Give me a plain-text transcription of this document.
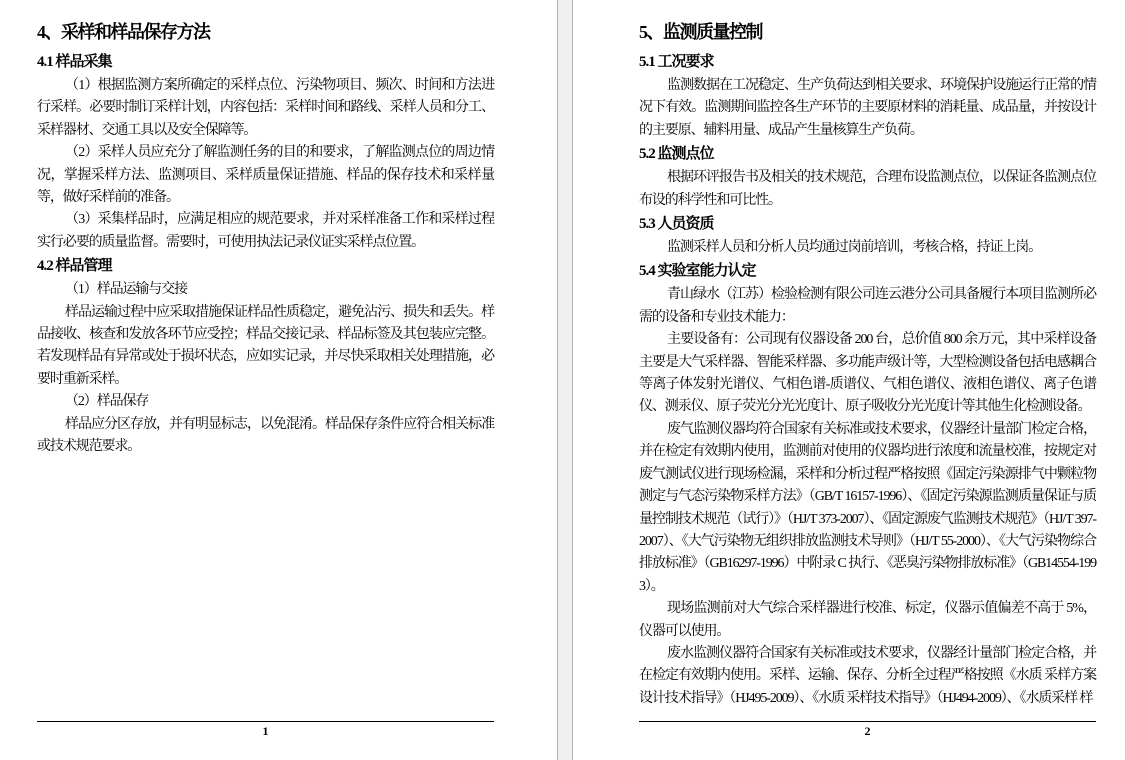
4、采样和样品保存方法
4.1 样品采集
（1）根据监测方案所确定的采样点位、污染物项目、频次、时间和方法进行采样。必要时制订采样计划，内容包括：采样时间和路线、采样人员和分工、采样器材、交通工具以及安全保障等。
（2）采样人员应充分了解监测任务的目的和要求，了解监测点位的周边情况，掌握采样方法、监测项目、采样质量保证措施、样品的保存技术和采样量等，做好采样前的准备。
（3）采集样品时，应满足相应的规范要求，并对采样准备工作和采样过程实行必要的质量监督。需要时，可使用执法记录仪证实采样点位置。
4.2 样品管理
（1）样品运输与交接
样品运输过程中应采取措施保证样品性质稳定，避免沾污、损失和丢失。样品接收、核查和发放各环节应受控；样品交接记录、样品标签及其包装应完整。若发现样品有异常或处于损坏状态，应如实记录，并尽快采取相关处理措施，必要时重新采样。
（2）样品保存
样品应分区存放，并有明显标志，以免混淆。样品保存条件应符合相关标准或技术规范要求。
1
5、监测质量控制
5.1 工况要求
监测数据在工况稳定、生产负荷达到相关要求、环境保护设施运行正常的情况下有效。监测期间监控各生产环节的主要原材料的消耗量、成品量，并按设计的主要原、辅料用量、成品产生量核算生产负荷。
5.2 监测点位
根据环评报告书及相关的技术规范，合理布设监测点位，以保证各监测点位布设的科学性和可比性。
5.3 人员资质
监测采样人员和分析人员均通过岗前培训，考核合格，持证上岗。
5.4 实验室能力认定
青山绿水（江苏）检验检测有限公司连云港分公司具备履行本项目监测所必需的设备和专业技术能力：
主要设备有：公司现有仪器设备 200 台，总价值 800 余万元，其中采样设备主要是大气采样器、智能采样器、多功能声级计等，大型检测设备包括电感耦合等离子体发射光谱仪、气相色谱-质谱仪、气相色谱仪、液相色谱仪、离子色谱仪、测汞仪、原子荧光分光光度计、原子吸收分光光度计等其他生化检测设备。
废气监测仪器均符合国家有关标准或技术要求，仪器经计量部门检定合格，并在检定有效期内使用，监测前对使用的仪器均进行浓度和流量校准，按规定对废气测试仪进行现场检漏，采样和分析过程严格按照《固定污染源排气中颗粒物测定与气态污染物采样方法》（GB/T 16157-1996）、《固定污染源监测质量保证与质量控制技术规范（试行）》（HJ/T 373-2007）、《固定源废气监测技术规范》（HJ/T 397-2007）、《大气污染物无组织排放监测技术导则》（HJ/T 55-2000）、《大气污染物综合排放标准》（GB16297-1996）中附录 C 执行、《恶臭污染物排放标准》（GB14554-1993）。
现场监测前对大气综合采样器进行校准、标定，仪器示值偏差不高于 5%，仪器可以使用。
废水监测仪器符合国家有关标准或技术要求，仪器经计量部门检定合格，并在检定有效期内使用。采样、运输、保存、分析全过程严格按照《水质 采样方案设计技术指导》（HJ495-2009）、《水质 采样技术指导》（HJ494-2009）、《水质采样 样
2
